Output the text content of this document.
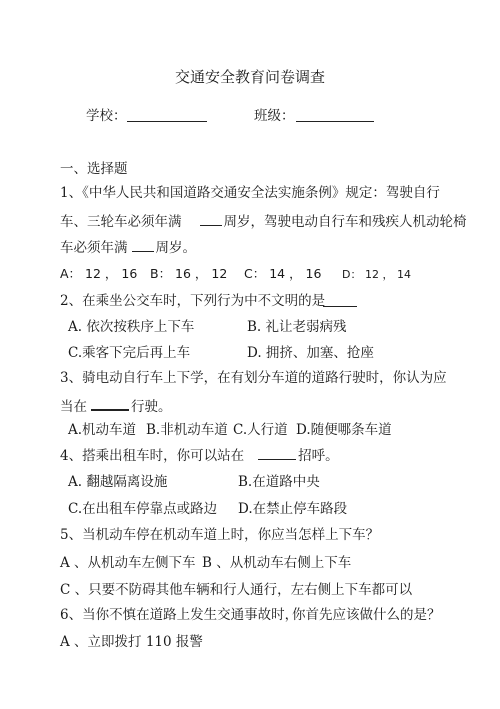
交通安全教育问卷调查
学校：	班级：
一、选择题
1、《中华人民共和国道路交通安全法实施条例》规定：驾驶自行
车、三轮车必须年满	周岁，驾驶电动自行车和残疾人机动轮椅
车必须年满 周岁。
A： 12 ， 16 B： 16 ， 12 C： 14 ， 16 D： 12 ， 14
2、在乘坐公交车时，下列行为中不文明的是
A. 依次按秩序上下车	B. 礼让老弱病残
C.乘客下完后再上车	D. 拥挤、加塞、抢座
3、骑电动自行车上下学，在有划分车道的道路行驶时，你认为应
当在	行驶。
A.机动车道 B.非机动车道 C.人行道 D.随便哪条车道
4、搭乘出租车时，你可以站在	招呼。
A. 翻越隔离设施	B.在道路中央
C.在出租车停靠点或路边 D.在禁止停车路段
5、当机动车停在机动车道上时，你应当怎样上下车？
A 、从机动车左侧下车 B 、从机动车右侧上下车
C 、只要不防碍其他车辆和行人通行，左右侧上下车都可以
6、当你不慎在道路上发生交通事故时，
你首先应该做什么的是？
A 、立即拨打 110 报警
